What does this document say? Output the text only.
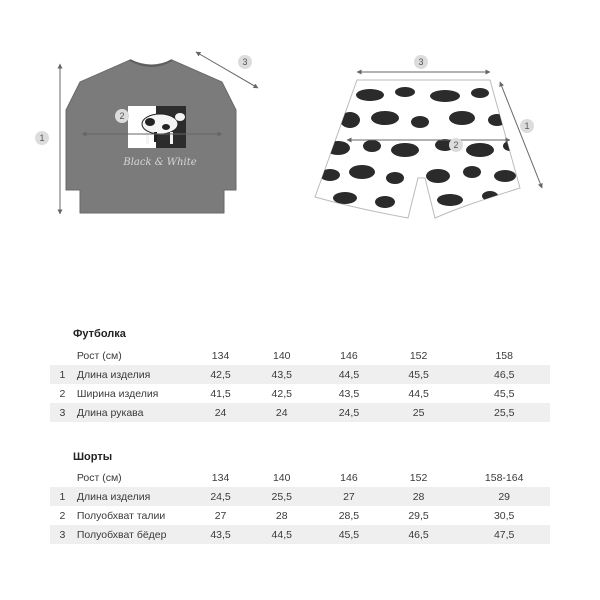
Black & White
1
2
3	3
2
1
Футболка
	Рост (см)	134	140	146	152	158
1	Длина изделия	42,5	43,5	44,5	45,5	46,5
2	Ширина изделия	41,5	42,5	43,5	44,5	45,5
3	Длина рукава	24	24	24,5	25	25,5
Шорты
	Рост (см)	134	140	146	152	158-164
1	Длина изделия	24,5	25,5	27	28	29
2	Полуобхват талии	27	28	28,5	29,5	30,5
3	Полуобхват бёдер	43,5	44,5	45,5	46,5	47,5
